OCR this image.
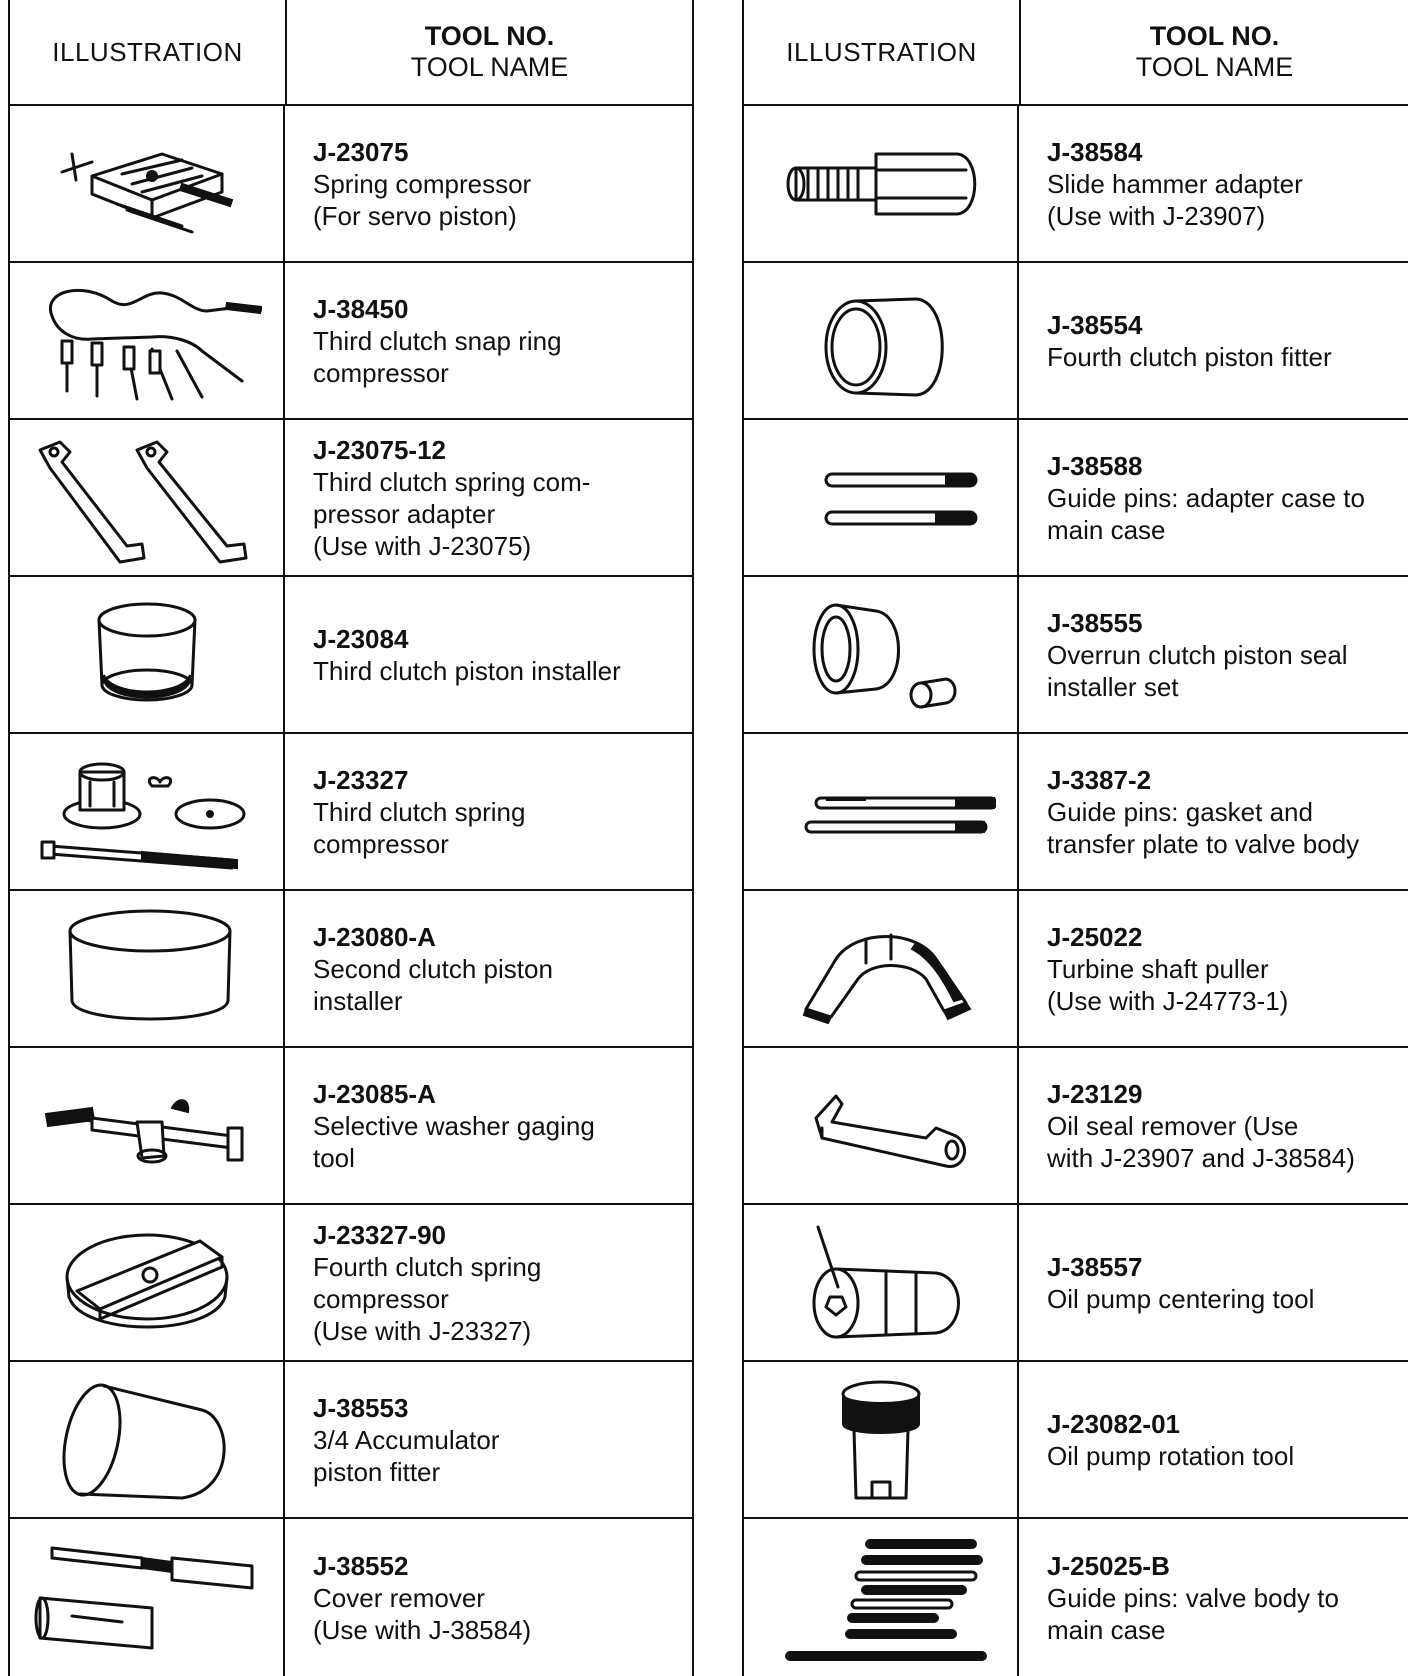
ILLUSTRATION
TOOL NO.
TOOL NAME
J-23075
Spring compressor
(For servo piston)
J-38450
Third clutch snap ring
compressor
J-23075-12
Third clutch spring com-
pressor adapter
(Use with J-23075)
J-23084
Third clutch piston installer
J-23327
Third clutch spring
compressor
J-23080-A
Second clutch piston
installer
J-23085-A
Selective washer gaging
tool
J-23327-90
Fourth clutch spring
compressor
(Use with J-23327)
J-38553
3/4 Accumulator
piston fitter
J-38552
Cover remover
(Use with J-38584)
ILLUSTRATION
TOOL NO.
TOOL NAME
J-38584
Slide hammer adapter
(Use with J-23907)
J-38554
Fourth clutch piston fitter
J-38588
Guide pins: adapter case to
main case
J-38555
Overrun clutch piston seal
installer set
J-3387-2
Guide pins: gasket and
transfer plate to valve body
J-25022
Turbine shaft puller
(Use with J-24773-1)
J-23129
Oil seal remover (Use
with J-23907 and J-38584)
J-38557
Oil pump centering tool
J-23082-01
Oil pump rotation tool
J-25025-B
Guide pins: valve body to
main case
